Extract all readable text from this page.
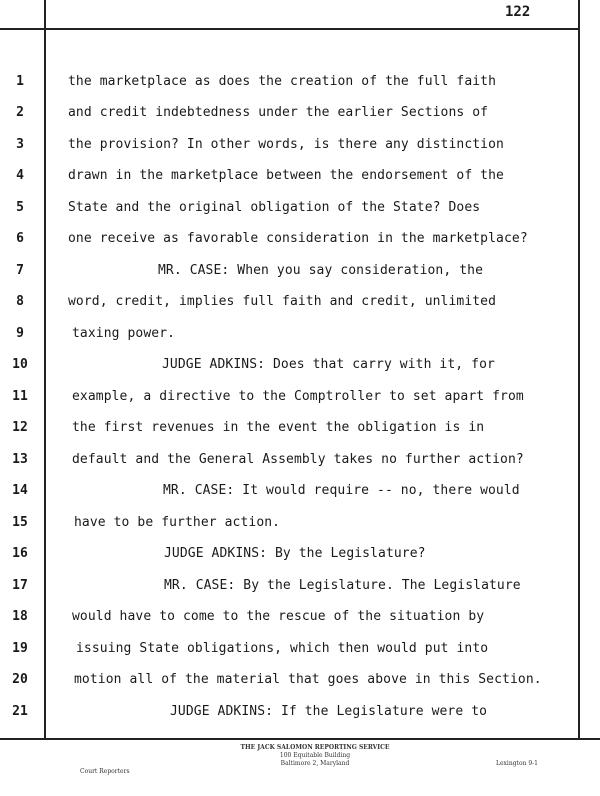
122
1	the marketplace as does the creation of the full faith
2	and credit indebtedness under the earlier Sections of
3	the provision? In other words, is there any distinction
4	drawn in the marketplace between the endorsement of the
5	State and the original obligation of the State? Does
6	one receive as favorable consideration in the marketplace?
7	MR. CASE: When you say consideration, the
8	word, credit, implies full faith and credit, unlimited
9	taxing power.
10	JUDGE ADKINS: Does that carry with it, for
11	example, a directive to the Comptroller to set apart from
12	the first revenues in the event the obligation is in
13	default and the General Assembly takes no further action?
14	MR. CASE: It would require -- no, there would
15	have to be further action.
16	JUDGE ADKINS: By the Legislature?
17	MR. CASE: By the Legislature. The Legislature
18	would have to come to the rescue of the situation by
19	issuing State obligations, which then would put into
20	motion all of the material that goes above in this Section.
21	JUDGE ADKINS: If the Legislature were to
THE JACK SALOMON REPORTING SERVICE
100 Equitable Building
Baltimore 2, Maryland
Court Reporters
Lexington 9-1
